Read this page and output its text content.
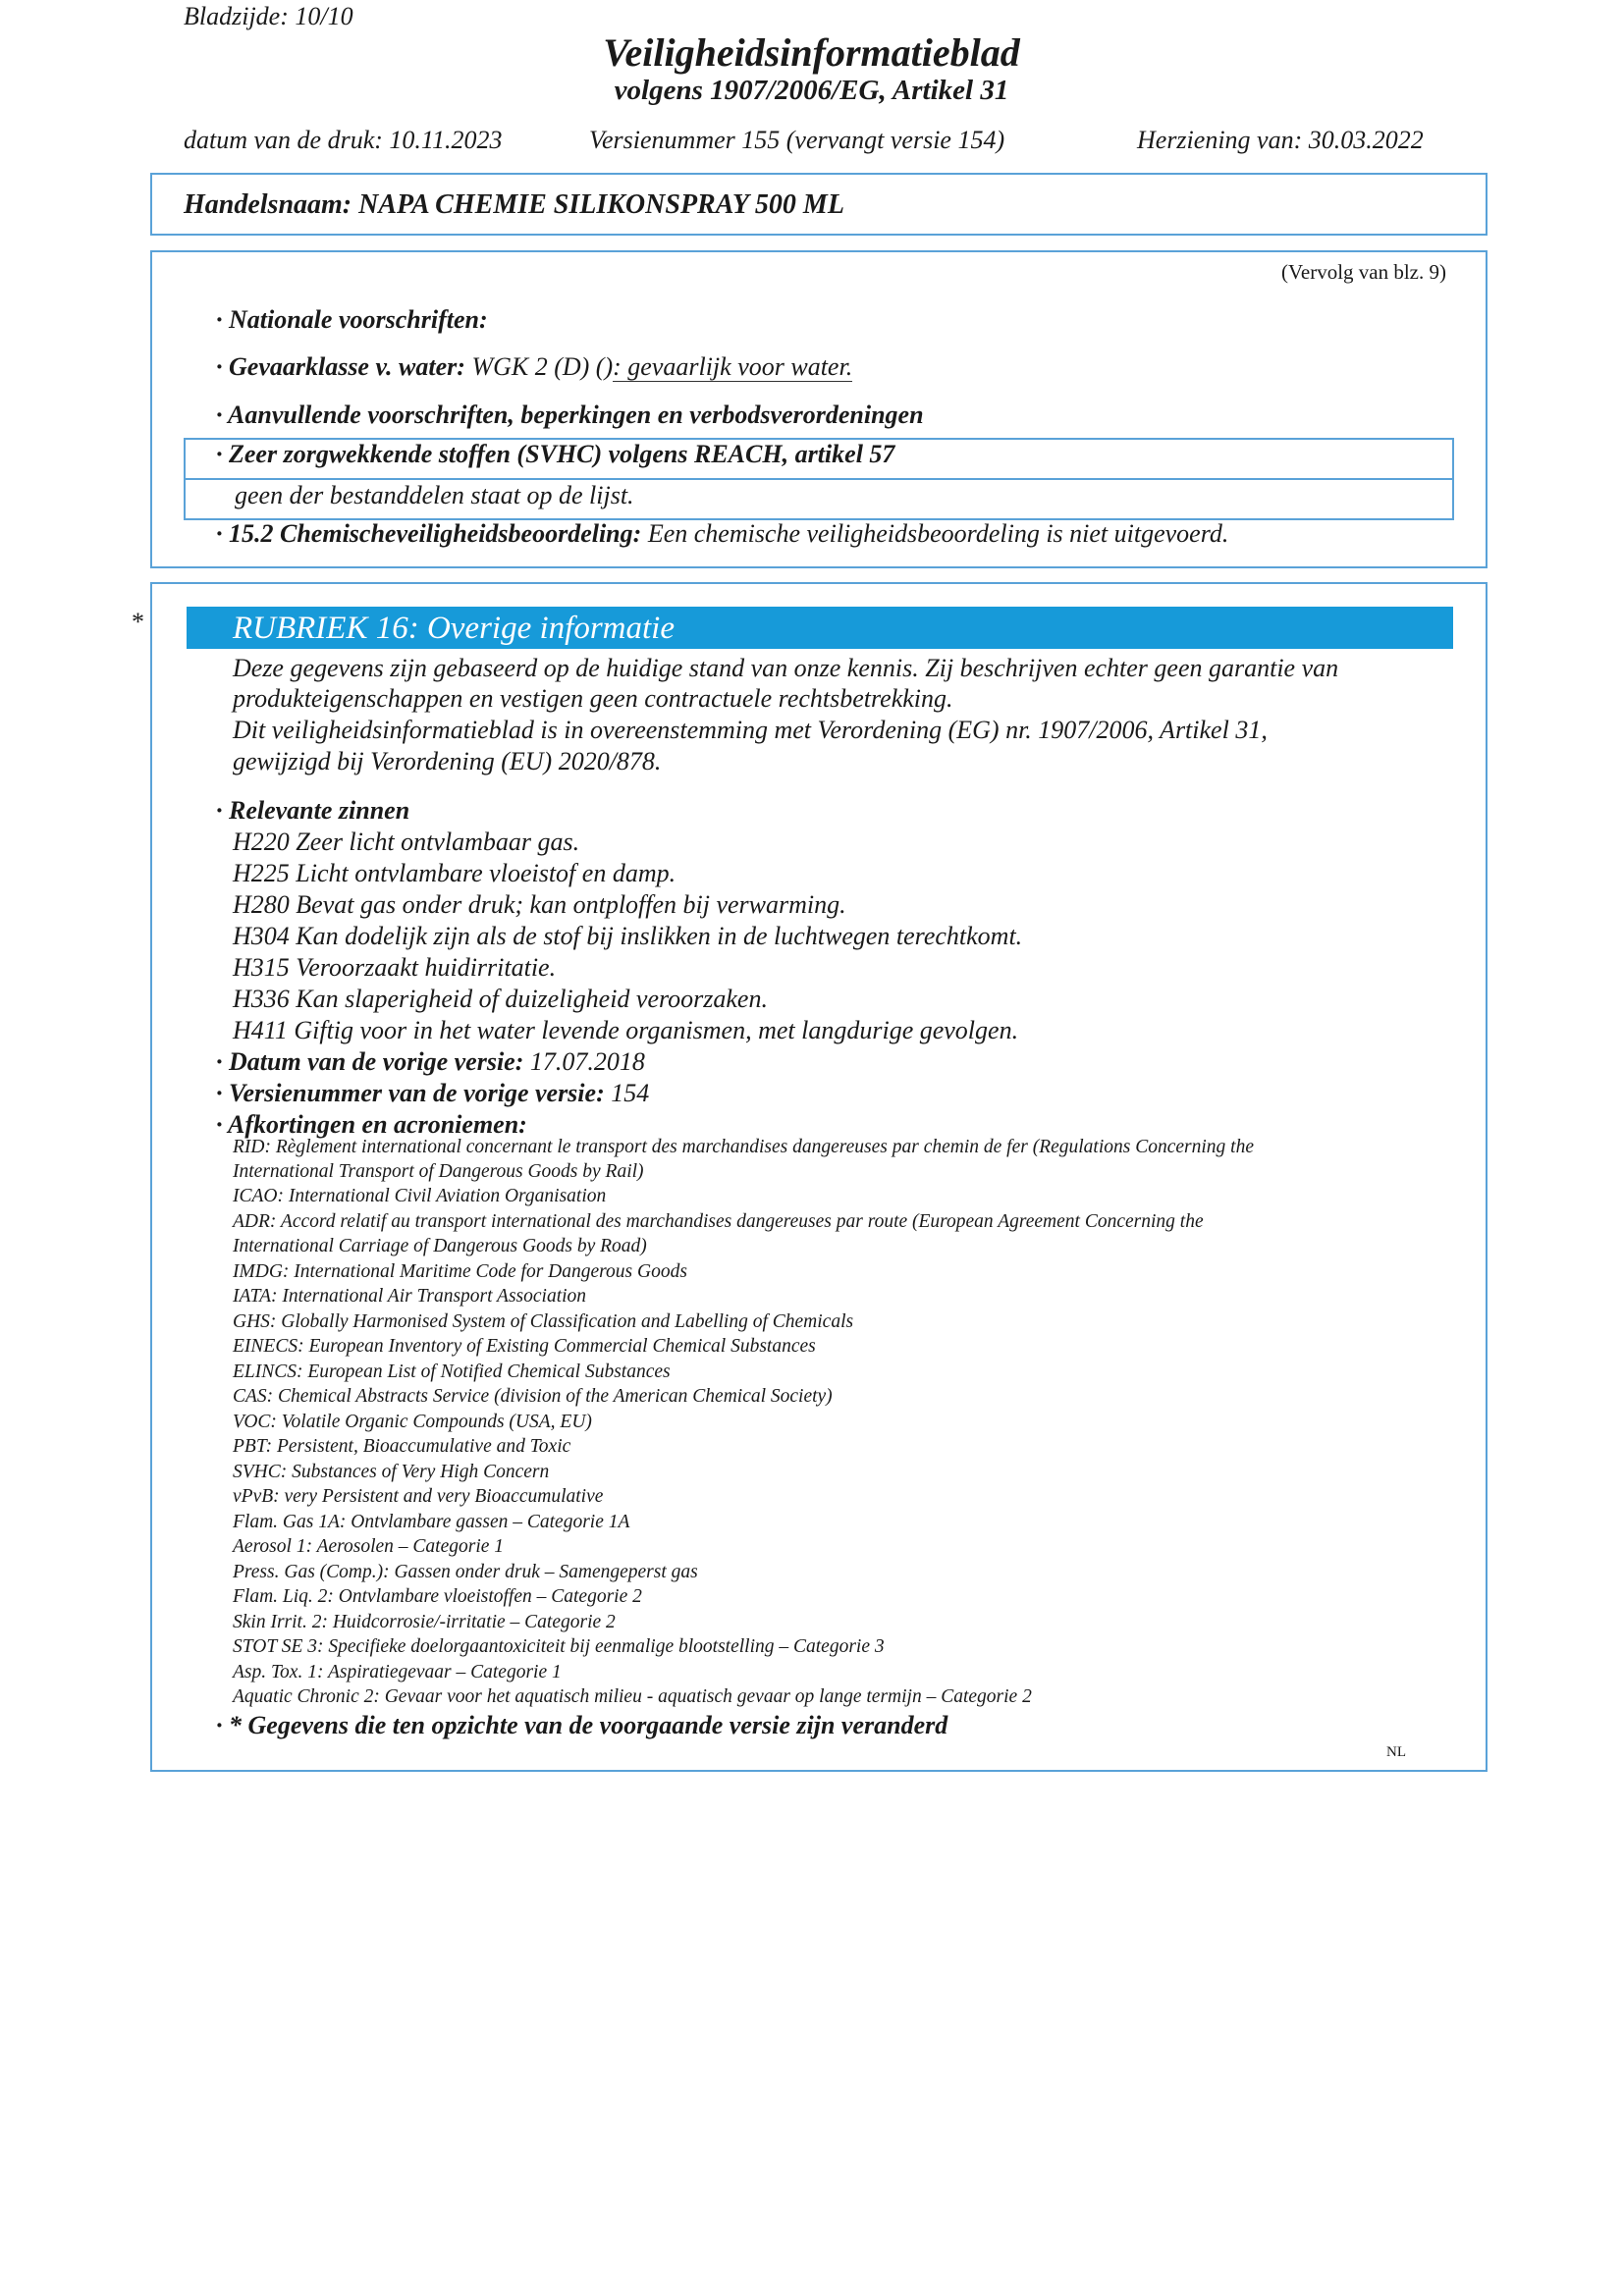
Bladzijde: 10/10
Veiligheidsinformatieblad
volgens 1907/2006/EG, Artikel 31
datum van de druk: 10.11.2023	Versienummer 155 (vervangt versie 154)	Herziening van: 30.03.2022
Handelsnaam: NAPA CHEMIE SILIKONSPRAY 500 ML
(Vervolg van blz. 9)
· Nationale voorschriften:
· Gevaarklasse v. water: WGK 2 (D) (): gevaarlijk voor water.
· Aanvullende voorschriften, beperkingen en verbodsverordeningen
· Zeer zorgwekkende stoffen (SVHC) volgens REACH, artikel 57
geen der bestanddelen staat op de lijst.
· 15.2 Chemischeveiligheidsbeoordeling: Een chemische veiligheidsbeoordeling is niet uitgevoerd.
*	RUBRIEK 16: Overige informatie
Deze gegevens zijn gebaseerd op de huidige stand van onze kennis. Zij beschrijven echter geen garantie van
produkteigenschappen en vestigen geen contractuele rechtsbetrekking.
Dit veiligheidsinformatieblad is in overeenstemming met Verordening (EG) nr. 1907/2006, Artikel 31,
gewijzigd bij Verordening (EU) 2020/878.
· Relevante zinnen
H220 Zeer licht ontvlambaar gas.
H225 Licht ontvlambare vloeistof en damp.
H280 Bevat gas onder druk; kan ontploffen bij verwarming.
H304 Kan dodelijk zijn als de stof bij inslikken in de luchtwegen terechtkomt.
H315 Veroorzaakt huidirritatie.
H336 Kan slaperigheid of duizeligheid veroorzaken.
H411 Giftig voor in het water levende organismen, met langdurige gevolgen.
· Datum van de vorige versie: 17.07.2018
· Versienummer van de vorige versie: 154
· Afkortingen en acroniemen:
RID: Règlement international concernant le transport des marchandises dangereuses par chemin de fer (Regulations Concerning the
International Transport of Dangerous Goods by Rail)
ICAO: International Civil Aviation Organisation
ADR: Accord relatif au transport international des marchandises dangereuses par route (European Agreement Concerning the
International Carriage of Dangerous Goods by Road)
IMDG: International Maritime Code for Dangerous Goods
IATA: International Air Transport Association
GHS: Globally Harmonised System of Classification and Labelling of Chemicals
EINECS: European Inventory of Existing Commercial Chemical Substances
ELINCS: European List of Notified Chemical Substances
CAS: Chemical Abstracts Service (division of the American Chemical Society)
VOC: Volatile Organic Compounds (USA, EU)
PBT: Persistent, Bioaccumulative and Toxic
SVHC: Substances of Very High Concern
vPvB: very Persistent and very Bioaccumulative
Flam. Gas 1A: Ontvlambare gassen – Categorie 1A
Aerosol 1: Aerosolen – Categorie 1
Press. Gas (Comp.): Gassen onder druk – Samengeperst gas
Flam. Liq. 2: Ontvlambare vloeistoffen – Categorie 2
Skin Irrit. 2: Huidcorrosie/-irritatie – Categorie 2
STOT SE 3: Specifieke doelorgaantoxiciteit bij eenmalige blootstelling – Categorie 3
Asp. Tox. 1: Aspiratiegevaar – Categorie 1
Aquatic Chronic 2: Gevaar voor het aquatisch milieu - aquatisch gevaar op lange termijn – Categorie 2
· * Gegevens die ten opzichte van de voorgaande versie zijn veranderd
NL
